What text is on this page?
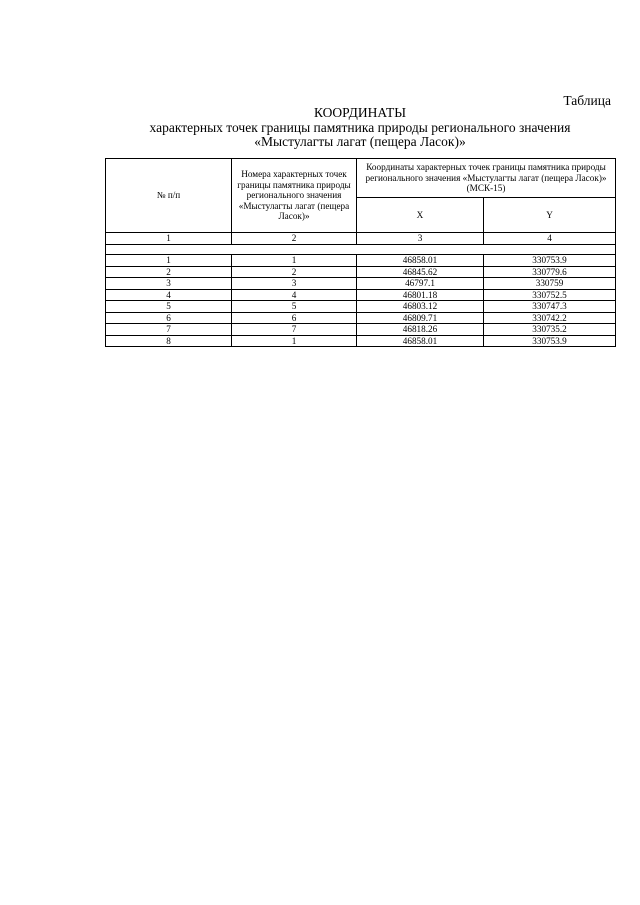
Таблица
КООРДИНАТЫ
характерных точек границы памятника природы регионального значения
«Мыстулагты лагат (пещера Ласок)»
№ п/п	Номера характерных точек границы памятника природы регионального значения «Мыстулагты лагат (пещера Ласок)»	Координаты характерных точек границы памятника природы регионального значения «Мыстулагты лагат (пещера Ласок)» (МСК-15)	
		X	Y
1	2	3	4

1	1	46858.01	330753.9
2	2	46845.62	330779.6
3	3	46797.1	330759
4	4	46801.18	330752.5
5	5	46803.12	330747.3
6	6	46809.71	330742.2
7	7	46818.26	330735.2
8	1	46858.01	330753.9
